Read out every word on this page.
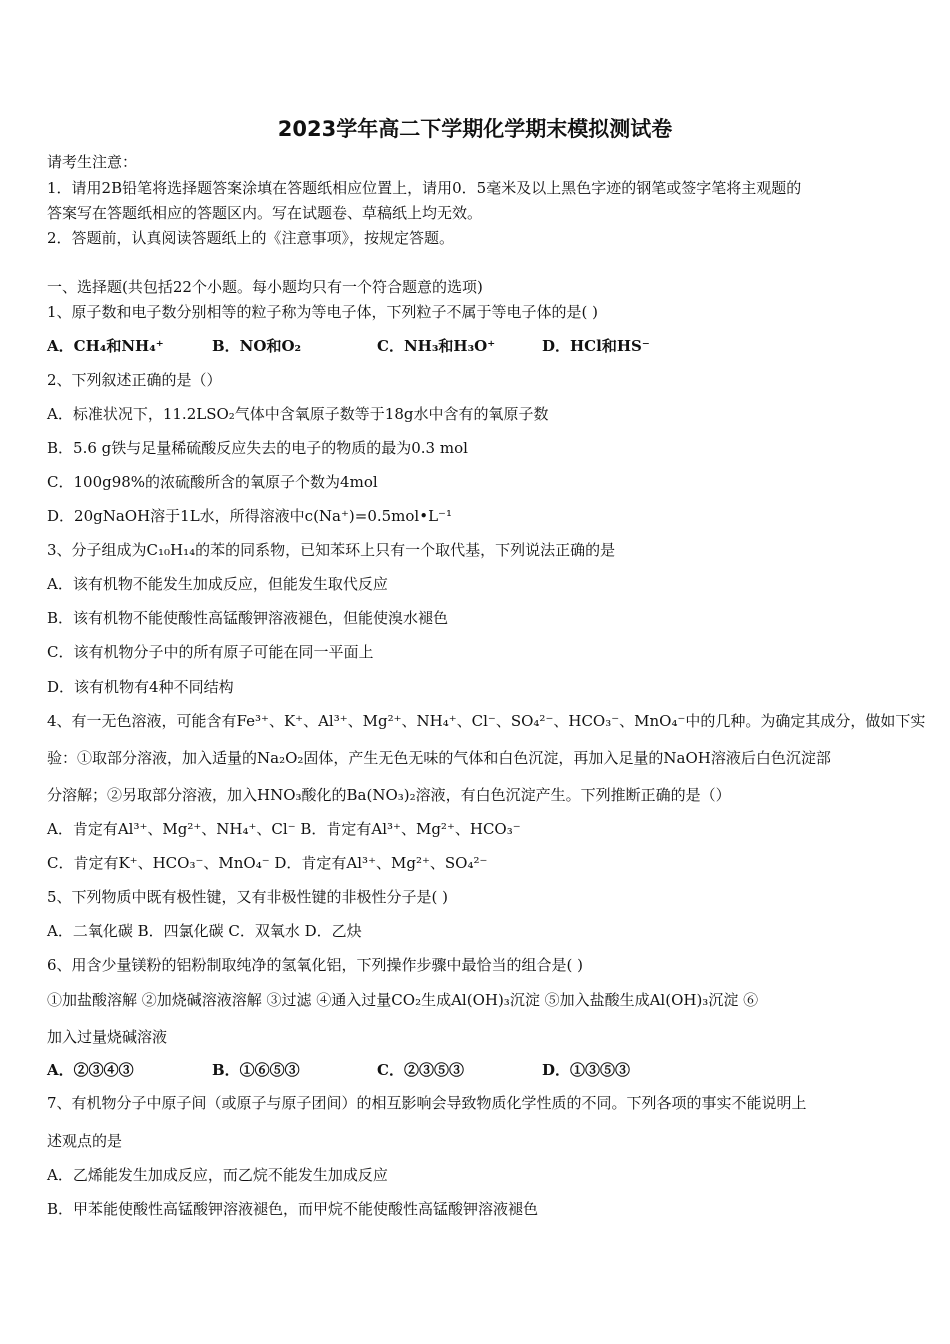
2023学年高二下学期化学期末模拟测试卷
请考生注意：
1．请用2B铅笔将选择题答案涂填在答题纸相应位置上，请用0．5毫米及以上黑色字迹的钢笔或签字笔将主观题的
答案写在答题纸相应的答题区内。写在试题卷、草稿纸上均无效。
2．答题前，认真阅读答题纸上的《注意事项》，按规定答题。
一、选择题(共包括22个小题。每小题均只有一个符合题意的选项)
1、原子数和电子数分别相等的粒子称为等电子体，下列粒子不属于等电子体的是( )
A．CH₄和NH₄⁺	B．NO和O₂	C．NH₃和H₃O⁺	D．HCl和HS⁻
2、下列叙述正确的是（）
A．标准状况下，11.2LSO₂气体中含氧原子数等于18g水中含有的氧原子数
B．5.6 g铁与足量稀硫酸反应失去的电子的物质的最为0.3 mol
C．100g98%的浓硫酸所含的氧原子个数为4mol
D．20gNaOH溶于1L水，所得溶液中c(Na⁺)=0.5mol•L⁻¹
3、分子组成为C₁₀H₁₄的苯的同系物，已知苯环上只有一个取代基，下列说法正确的是
A．该有机物不能发生加成反应，但能发生取代反应
B．该有机物不能使酸性高锰酸钾溶液褪色，但能使溴水褪色
C．该有机物分子中的所有原子可能在同一平面上
D．该有机物有4种不同结构
4、有一无色溶液，可能含有Fe³⁺、K⁺、Al³⁺、Mg²⁺、NH₄⁺、Cl⁻、SO₄²⁻、HCO₃⁻、MnO₄⁻中的几种。为确定其成分，做如下实
验：①取部分溶液，加入适量的Na₂O₂固体，产生无色无味的气体和白色沉淀，再加入足量的NaOH溶液后白色沉淀部
分溶解；②另取部分溶液，加入HNO₃酸化的Ba(NO₃)₂溶液，有白色沉淀产生。下列推断正确的是（）
A．肯定有Al³⁺、Mg²⁺、NH₄⁺、Cl⁻ B．肯定有Al³⁺、Mg²⁺、HCO₃⁻
C．肯定有K⁺、HCO₃⁻、MnO₄⁻ D．肯定有Al³⁺、Mg²⁺、SO₄²⁻
5、下列物质中既有极性键，又有非极性键的非极性分子是( )
A．二氧化碳 B．四氯化碳 C．双氧水 D．乙炔
6、用含少量镁粉的铝粉制取纯净的氢氧化铝，下列操作步骤中最恰当的组合是( )
①加盐酸溶解 ②加烧碱溶液溶解 ③过滤 ④通入过量CO₂生成Al(OH)₃沉淀 ⑤加入盐酸生成Al(OH)₃沉淀 ⑥
加入过量烧碱溶液
A．②③④③	B．①⑥⑤③	C．②③⑤③	D．①③⑤③
7、有机物分子中原子间（或原子与原子团间）的相互影响会导致物质化学性质的不同。下列各项的事实不能说明上
述观点的是
A．乙烯能发生加成反应，而乙烷不能发生加成反应
B．甲苯能使酸性高锰酸钾溶液褪色，而甲烷不能使酸性高锰酸钾溶液褪色
